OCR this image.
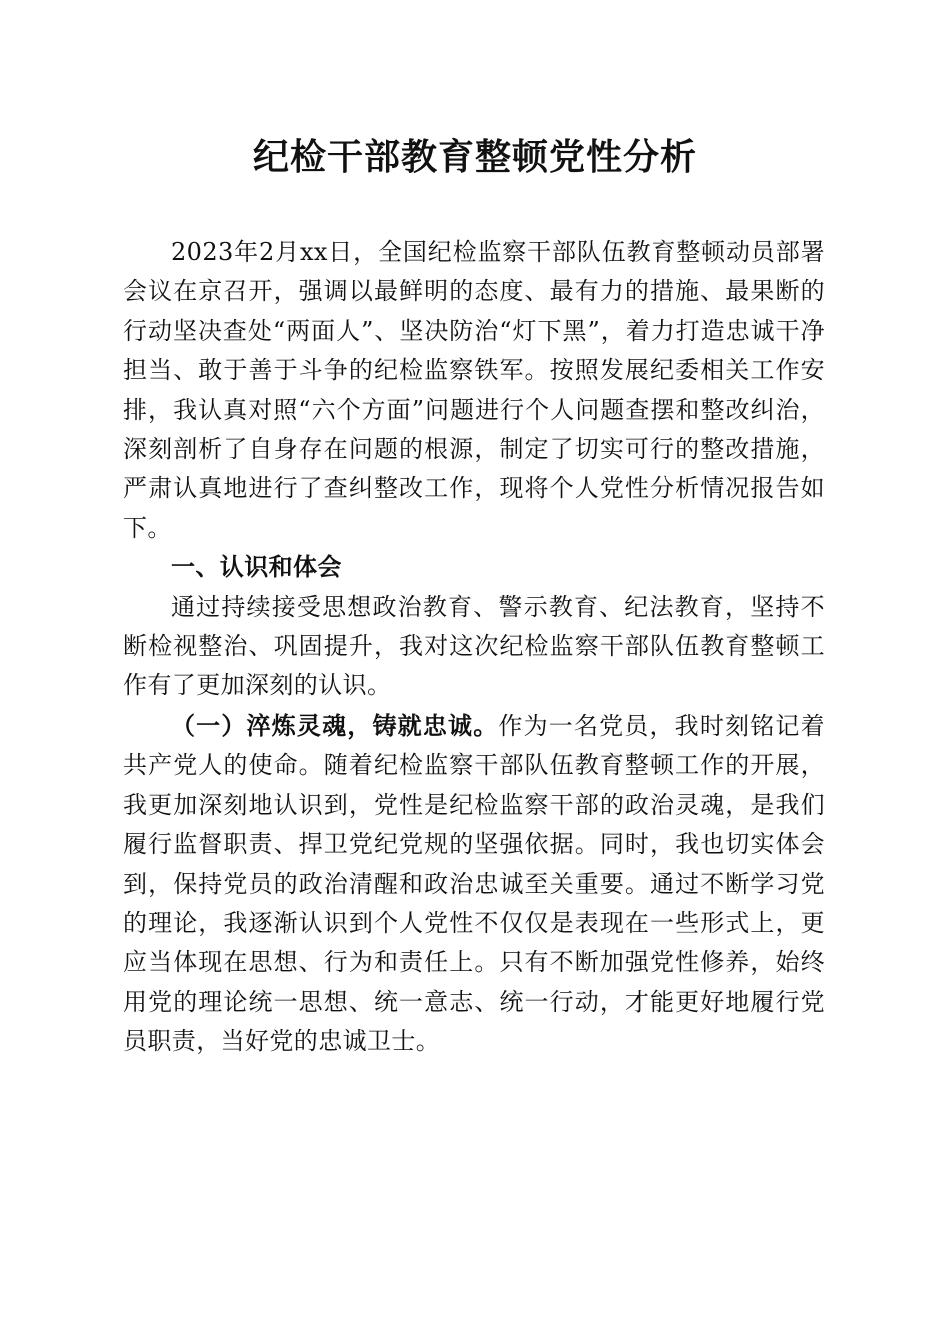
纪检干部教育整顿党性分析

2023年2月xx日，全国纪检监察干部队伍教育整顿动员部署会议在京召开，强调以最鲜明的态度、最有力的措施、最果断的行动坚决查处“两面人”、坚决防治“灯下黑”，着力打造忠诚干净担当、敢于善于斗争的纪检监察铁军。按照发展纪委相关工作安排，我认真对照“六个方面”问题进行个人问题查摆和整改纠治，深刻剖析了自身存在问题的根源，制定了切实可行的整改措施，严肃认真地进行了查纠整改工作，现将个人党性分析情况报告如下。

一、认识和体会

通过持续接受思想政治教育、警示教育、纪法教育，坚持不断检视整治、巩固提升，我对这次纪检监察干部队伍教育整顿工作有了更加深刻的认识。

（一）淬炼灵魂，铸就忠诚。作为一名党员，我时刻铭记着共产党人的使命。随着纪检监察干部队伍教育整顿工作的开展，我更加深刻地认识到，党性是纪检监察干部的政治灵魂，是我们履行监督职责、捍卫党纪党规的坚强依据。同时，我也切实体会到，保持党员的政治清醒和政治忠诚至关重要。通过不断学习党的理论，我逐渐认识到个人党性不仅仅是表现在一些形式上，更应当体现在思想、行为和责任上。只有不断加强党性修养，始终用党的理论统一思想、统一意志、统一行动，才能更好地履行党员职责，当好党的忠诚卫士。
